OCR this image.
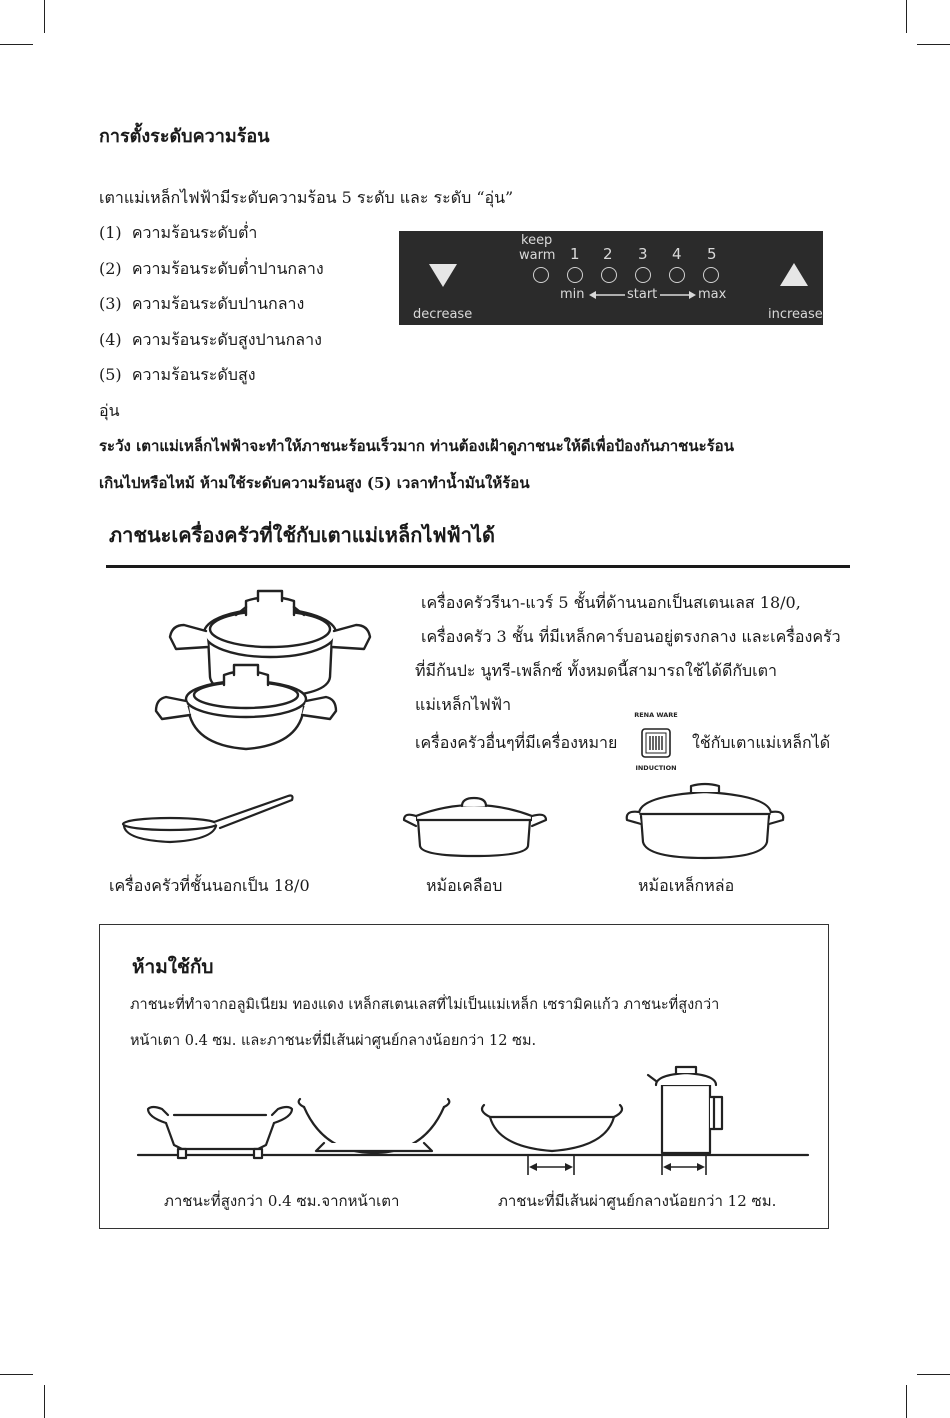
การตั้งระดับความร้อน
เตาแม่เหล็กไฟฟ้ามีระดับความร้อน 5 ระดับ และ ระดับ “อุ่น”
(1) ความร้อนระดับต่ำ
(2) ความร้อนระดับต่ำปานกลาง
(3) ความร้อนระดับปานกลาง
(4) ความร้อนระดับสูงปานกลาง
(5) ความร้อนระดับสูง
อุ่น
ระวัง เตาแม่เหล็กไฟฟ้าจะทำให้ภาชนะร้อนเร็วมาก ท่านต้องเฝ้าดูภาชนะให้ดีเพื่อป้องกันภาชนะร้อน
เกินไปหรือไหม้ ห้ามใช้ระดับความร้อนสูง (5) เวลาทำน้ำมันให้ร้อน
decrease	increase
keep
warm 1 2 3 4 5
min	start	max
ภาชนะเครื่องครัวที่ใช้กับเตาแม่เหล็กไฟฟ้าได้
เครื่องครัวรีนา-แวร์ 5 ชั้นที่ด้านนอกเป็นสเตนเลส 18/0,
เครื่องครัว 3 ชั้น ที่มีเหล็กคาร์บอนอยู่ตรงกลาง และเครื่องครัว
ที่มีก้นปะ นูทรี-เพล็กซ์ ทั้งหมดนี้สามารถใช้ได้ดีกับเตา
แม่เหล็กไฟฟ้า
เครื่องครัวอื่นๆที่มีเครื่องหมาย
RENA WARE
INDUCTION
ใช้กับเตาแม่เหล็กได้
เครื่องครัวที่ชั้นนอกเป็น 18/0	หม้อเคลือบ	หม้อเหล็กหล่อ
ห้ามใช้กับ
ภาชนะที่ทำจากอลูมิเนียม ทองแดง เหล็กสเตนเลสที่ไม่เป็นแม่เหล็ก เซรามิคแก้ว ภาชนะที่สูงกว่า
หน้าเตา 0.4 ซม. และภาชนะที่มีเส้นผ่าศูนย์กลางน้อยกว่า 12 ซม.
ภาชนะที่สูงกว่า 0.4 ซม.จากหน้าเตา	ภาชนะที่มีเส้นผ่าศูนย์กลางน้อยกว่า 12 ซม.
